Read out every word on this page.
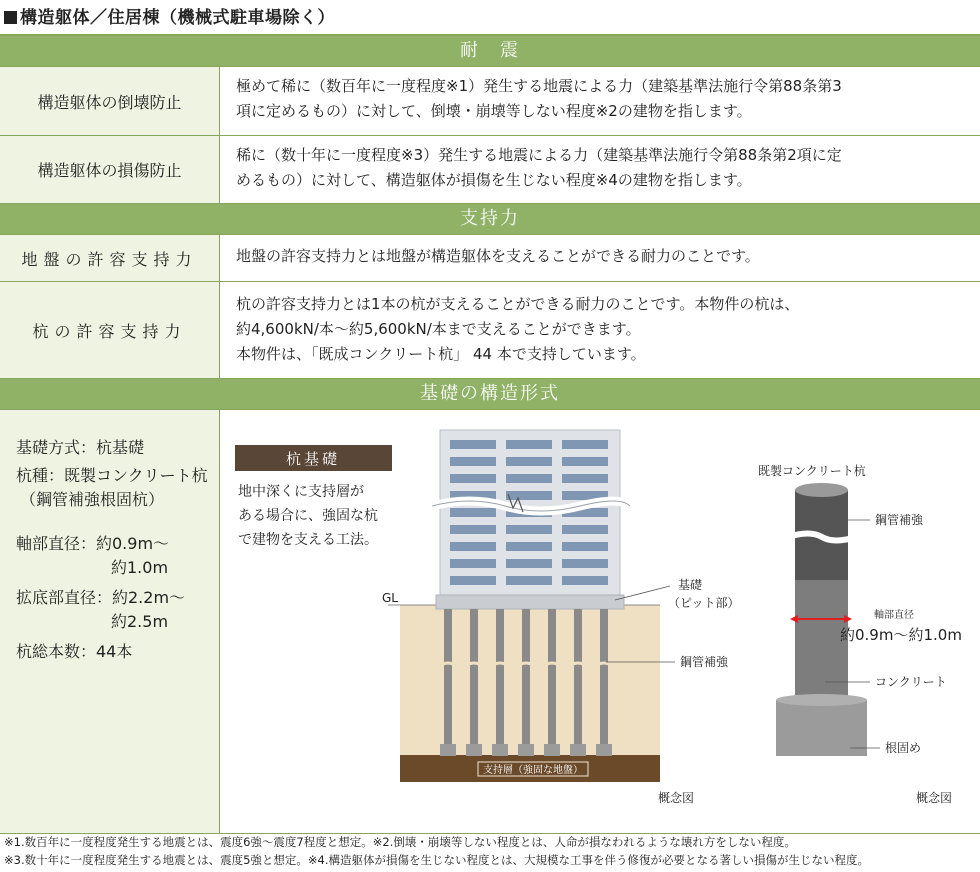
構造躯体／住居棟（機械式駐車場除く）
耐　震
構造躯体の倒壊防止

極めて稀に（数百年に一度程度※1）発生する地震による力（建築基準法施行令第88条第3

項に定めるもの）に対して、倒壊・崩壊等しない程度※2の建物を指します。

構造躯体の損傷防止

稀に（数十年に一度程度※3）発生する地震による力（建築基準法施行令第88条第2項に定

めるもの）に対して、構造躯体が損傷を生じない程度※4の建物を指します。

支持力
地盤の許容支持力	地盤の許容支持力とは地盤が構造躯体を支えることができる耐力のことです。

杭の許容支持力

杭の許容支持力とは1本の杭が支えることができる耐力のことです。本物件の杭は、

約4,600kN/本～約5,600kN/本まで支えることができます。

本物件は、「既成コンクリート杭」 44 本で支持しています。

基礎の構造形式

基礎方式：杭基礎

杭種：既製コンクリート杭

（鋼管補強根固杭）

軸部直径：約0.9m～

約1.0m

拡底部直径：約2.2m～

約2.5m

杭総本数：44本

杭基礎
地中深くに支持層が
ある場合に、強固な杭
で建物を支える工法。
支持層（強固な地盤）
GL
基礎
（ピット部）
鋼管補強
概念図
既製コンクリート杭
鋼管補強
軸部直径
約0.9m～約1.0m
コンクリート
根固め
概念図

※1.数百年に一度程度発生する地震とは、震度6強～震度7程度と想定。※2.倒壊・崩壊等しない程度とは、人命が損なわれるような壊れ方をしない程度。

※3.数十年に一度程度発生する地震とは、震度5強と想定。※4.構造躯体が損傷を生じない程度とは、大規模な工事を伴う修復が必要となる著しい損傷が生じない程度。
